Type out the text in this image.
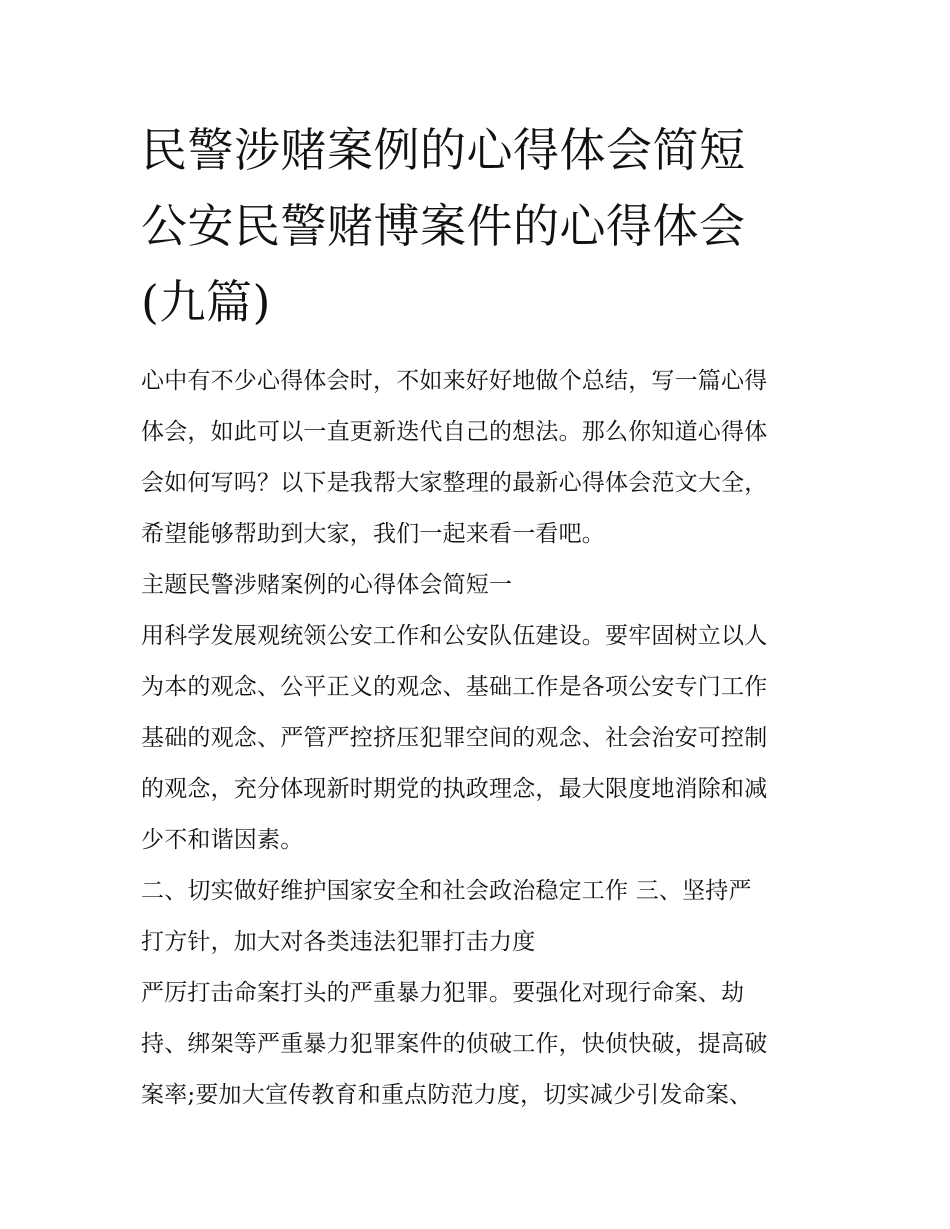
民警涉赌案例的心得体会简短
公安民警赌博案件的心得体会
(九篇)
心中有不少心得体会时，不如来好好地做个总结，写一篇心得
体会，如此可以一直更新迭代自己的想法。那么你知道心得体
会如何写吗？以下是我帮大家整理的最新心得体会范文大全，
希望能够帮助到大家，我们一起来看一看吧。
主题民警涉赌案例的心得体会简短一
用科学发展观统领公安工作和公安队伍建设。要牢固树立以人
为本的观念、公平正义的观念、基础工作是各项公安专门工作
基础的观念、严管严控挤压犯罪空间的观念、社会治安可控制
的观念，充分体现新时期党的执政理念，最大限度地消除和减
少不和谐因素。
二、切实做好维护国家安全和社会政治稳定工作 三、坚持严
打方针，加大对各类违法犯罪打击力度
严厉打击命案打头的严重暴力犯罪。要强化对现行命案、劫
持、绑架等严重暴力犯罪案件的侦破工作，快侦快破，提高破
案率;要加大宣传教育和重点防范力度，切实减少引发命案、
